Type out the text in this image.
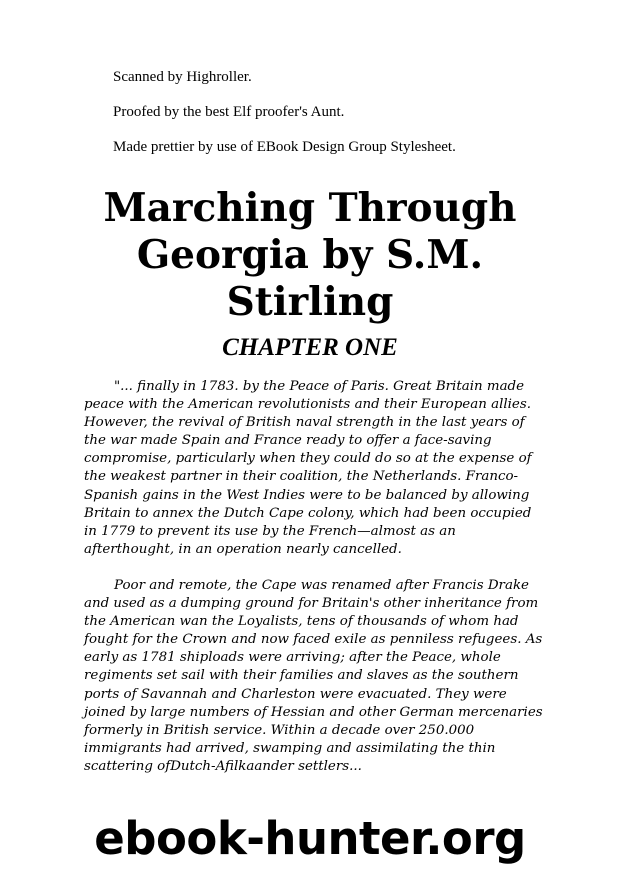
Scanned by Highroller.

Proofed by the best Elf proofer's Aunt.

Made prettier by use of EBook Design Group Stylesheet.

Marching Through
Georgia by S.M.
Stirling
CHAPTER ONE

"... finally in 1783. by the Peace of Paris. Great Britain made peace with the American revolutionists and their European allies. However, the revival of British naval strength in the last years of the war made Spain and France ready to offer a face-saving compromise, particularly when they could do so at the expense of the weakest partner in their coalition, the Netherlands. Franco-Spanish gains in the West Indies were to be balanced by allowing Britain to annex the Dutch Cape colony, which had been occupied in 1779 to prevent its use by the French—almost as an afterthought, in an operation nearly cancelled.

Poor and remote, the Cape was renamed after Francis Drake and used as a dumping ground for Britain's other inheritance from the American wan the Loyalists, tens of thousands of whom had fought for the Crown and now faced exile as penniless refugees. As early as 1781 shiploads were arriving; after the Peace, whole regiments set sail with their families and slaves as the southern ports of Savannah and Charleston were evacuated. They were joined by large numbers of Hessian and other German mercenaries formerly in British service. Within a decade over 250.000 immigrants had arrived, swamping and assimilating the thin scattering ofDutch-Afilkaander settlers...

ebook-hunter.org
